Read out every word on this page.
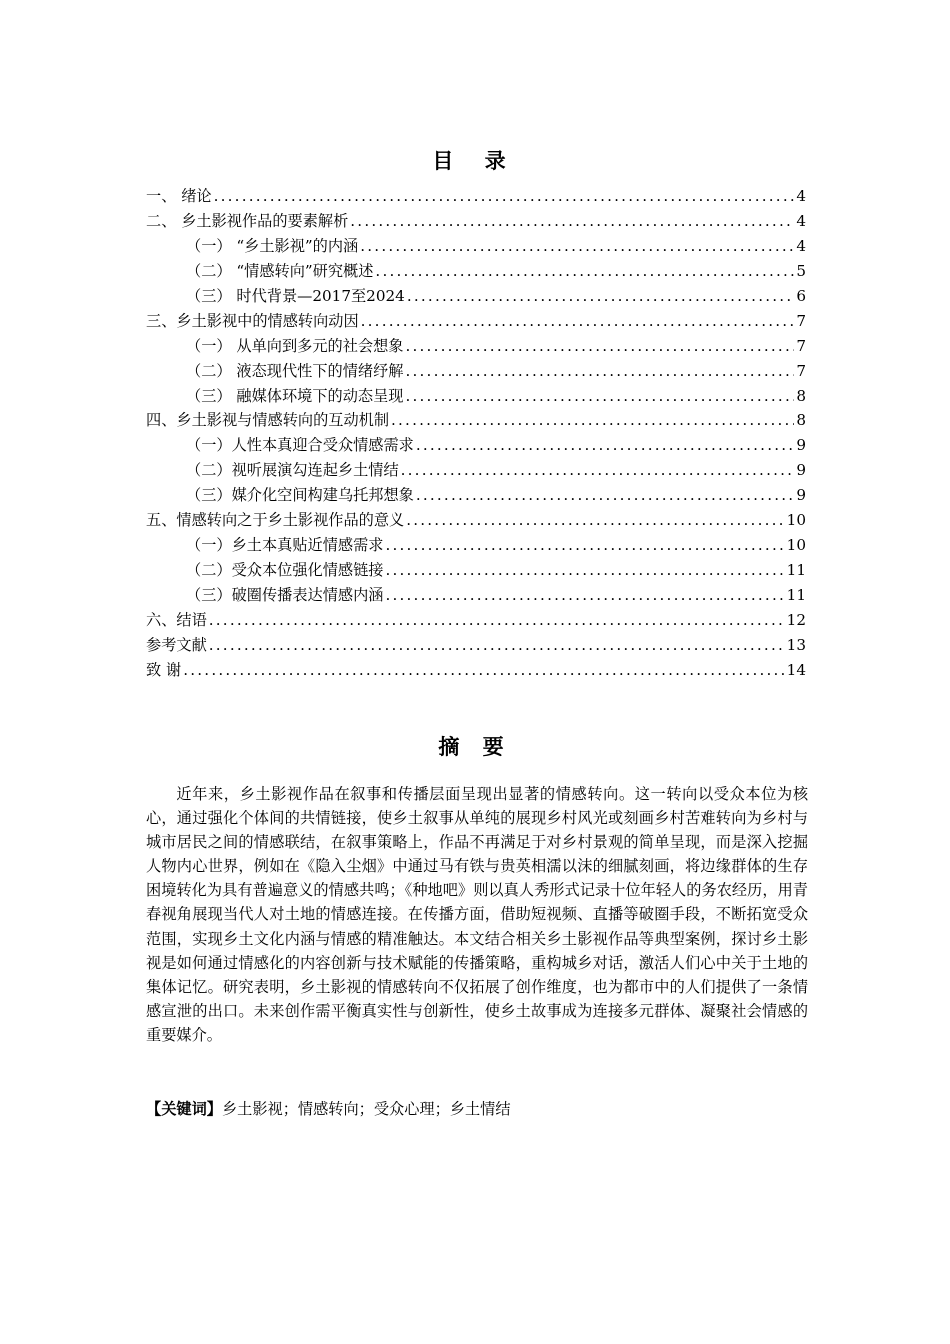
目 录
一、 绪论 .....	4
二、 乡土影视作品的要素解析 .....	4
（一） “乡土影视”的内涵 .....	4
（二） “情感转向”研究概述 .....	5
（三） 时代背景—2017至2024 .....	6
三、乡土影视中的情感转向动因 .....	7
（一） 从单向到多元的社会想象 .....	7
（二） 液态现代性下的情绪纾解 .....	7
（三） 融媒体环境下的动态呈现 .....	8
四、乡土影视与情感转向的互动机制 .....	8
（一）人性本真迎合受众情感需求 .....	9
（二）视听展演勾连起乡土情结 .....	9
（三）媒介化空间构建乌托邦想象 .....	9
五、情感转向之于乡土影视作品的意义 .....	10
（一）乡土本真贴近情感需求 .....	10
（二）受众本位强化情感链接 .....	11
（三）破圈传播表达情感内涵 .....	11
六、结语 .....	12
参考文献 .....	13
致 谢 .....	14
摘 要

近年来，乡土影视作品在叙事和传播层面呈现出显著的情感转向。这一转向以受众本位为核心，通过强化个体间的共情链接，使乡土叙事从单纯的展现乡村风光或刻画乡村苦难转向为乡村与城市居民之间的情感联结，在叙事策略上，作品不再满足于对乡村景观的简单呈现，而是深入挖掘人物内心世界，例如在《隐入尘烟》中通过马有铁与贵英相濡以沫的细腻刻画，将边缘群体的生存困境转化为具有普遍意义的情感共鸣；《种地吧》则以真人秀形式记录十位年轻人的务农经历，用青春视角展现当代人对土地的情感连接。在传播方面，借助短视频、直播等破圈手段，不断拓宽受众范围，实现乡土文化内涵与情感的精准触达。本文结合相关乡土影视作品等典型案例，探讨乡土影视是如何通过情感化的内容创新与技术赋能的传播策略，重构城乡对话，激活人们心中关于土地的集体记忆。研究表明，乡土影视的情感转向不仅拓展了创作维度，也为都市中的人们提供了一条情感宣泄的出口。未来创作需平衡真实性与创新性，使乡土故事成为连接多元群体、凝聚社会情感的重要媒介。

【关键词】乡土影视；情感转向；受众心理；乡土情结
